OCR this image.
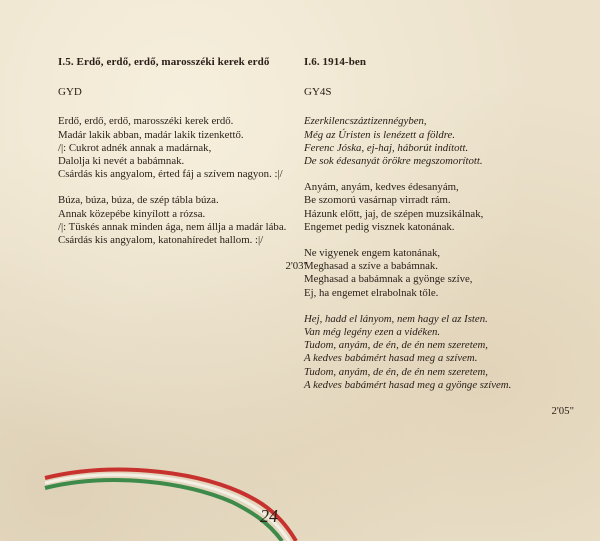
I.5. Erdő, erdő, erdő, marosszéki kerek erdő
GYD
Erdő, erdő, erdő, marosszéki kerek erdő.
Madár lakik abban, madár lakik tizenkettő.
/|: Cukrot adnék annak a madárnak,
Dalolja ki nevét a babámnak.
Csárdás kis angyalom, érted fáj a szívem nagyon. :|/
Búza, búza, búza, de szép tábla búza.
Annak közepébe kinyílott a rózsa.
/|: Tüskés annak minden ága, nem állja a madár lába.
Csárdás kis angyalom, katonahíredet hallom. :|/
2'03"
I.6. 1914-ben
GY4S
Ezerkilencszáztizennégyben,
Még az Úristen is lenézett a földre.
Ferenc Jóska, ej-haj, háborút indított.
De sok édesanyát örökre megszomorított.
Anyám, anyám, kedves édesanyám,
Be szomorú vasárnap virradt rám.
Házunk előtt, jaj, de szépen muzsikálnak,
Engemet pedig visznek katonának.
Ne vigyenek engem katonának,
Meghasad a szíve a babámnak.
Meghasad a babámnak a gyönge szíve,
Ej, ha engemet elrabolnak tőle.
Hej, hadd el lányom, nem hagy el az Isten.
Van még legény ezen a vidéken.
Tudom, anyám, de én, de én nem szeretem,
A kedves babámért hasad meg a szívem.
Tudom, anyám, de én, de én nem szeretem,
A kedves babámért hasad meg a gyönge szívem.
2'05"
24
